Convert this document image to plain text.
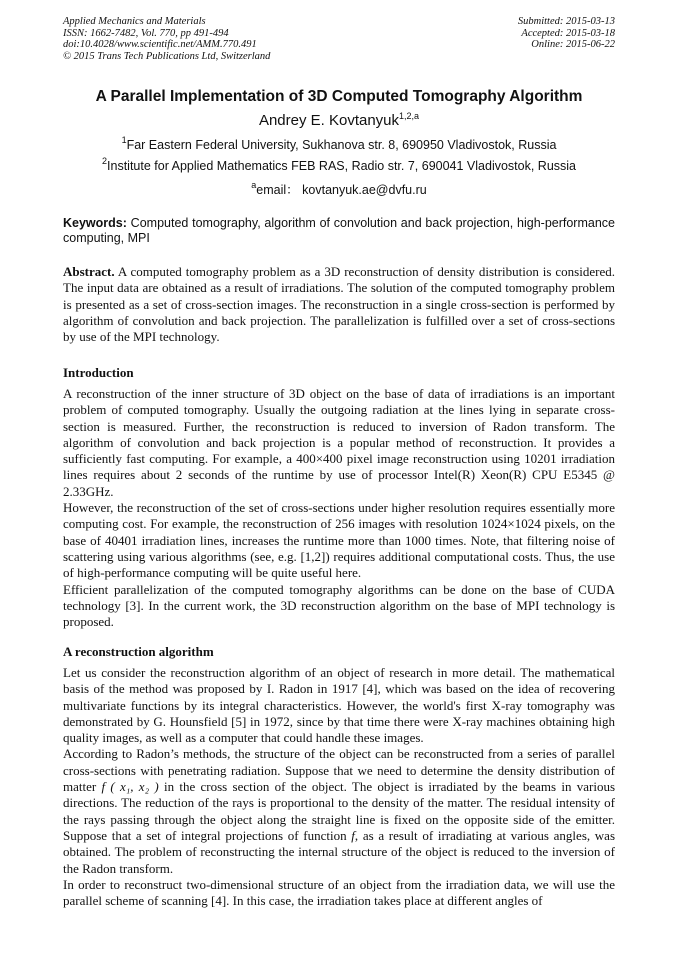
Applied Mechanics and Materials
ISSN: 1662-7482, Vol. 770, pp 491-494
doi:10.4028/www.scientific.net/AMM.770.491
© 2015 Trans Tech Publications Ltd, Switzerland
Submitted: 2015-03-13
Accepted: 2015-03-18
Online: 2015-06-22
A Parallel Implementation of 3D Computed Tomography Algorithm
Andrey E. Kovtanyuk$^{1,2,a}$
$^1$Far Eastern Federal University, Sukhanova str. 8, 690950 Vladivostok, Russia
$^2$Institute for Applied Mathematics FEB RAS, Radio str. 7, 690041 Vladivostok, Russia
$^a$email： kovtanyuk.ae@dvfu.ru
Keywords: Computed tomography, algorithm of convolution and back projection, high-performance computing, MPI

Abstract. A computed tomography problem as a 3D reconstruction of density distribution is considered. The input data are obtained as a result of irradiations. The solution of the computed tomography problem is presented as a set of cross-section images. The reconstruction in a single cross-section is performed by algorithm of convolution and back projection. The parallelization is fulfilled over a set of cross-sections by use of the MPI technology.

Introduction

A reconstruction of the inner structure of 3D object on the base of data of irradiations is an important problem of computed tomography. Usually the outgoing radiation at the lines lying in separate cross-section is measured. Further, the reconstruction is reduced to inversion of Radon transform. The algorithm of convolution and back projection is a popular method of reconstruction. It provides a sufficiently fast computing. For example, a 400×400 pixel image reconstruction using 10201 irradiation lines requires about 2 seconds of the runtime by use of processor Intel(R) Xeon(R) CPU E5345 @ 2.33GHz.

However, the reconstruction of the set of cross-sections under higher resolution requires essentially more computing cost. For example, the reconstruction of 256 images with resolution 1024×1024 pixels, on the base of 40401 irradiation lines, increases the runtime more than 1000 times. Note, that filtering noise of scattering using various algorithms (see, e.g. [1,2]) requires additional computational costs. Thus, the use of high-performance computing will be quite useful here.

Efficient parallelization of the computed tomography algorithms can be done on the base of CUDA technology [3]. In the current work, the 3D reconstruction algorithm on the base of MPI technology is proposed.

A reconstruction algorithm

Let us consider the reconstruction algorithm of an object of research in more detail. The mathematical basis of the method was proposed by I. Radon in 1917 [4], which was based on the idea of recovering multivariate functions by its integral characteristics. However, the world's first X-ray tomography was demonstrated by G. Hounsfield [5] in 1972, since by that time there were X-ray machines obtaining high quality images, as well as a computer that could handle these images.

According to Radon’s methods, the structure of the object can be reconstructed from a series of parallel cross-sections with penetrating radiation. Suppose that we need to determine the density distribution of matter f ( x₁, x₂ ) in the cross section of the object. The object is irradiated by the beams in various directions. The reduction of the rays is proportional to the density of the matter. The residual intensity of the rays passing through the object along the straight line is fixed on the opposite side of the emitter. Suppose that a set of integral projections of function f, as a result of irradiating at various angles, was obtained. The problem of reconstructing the internal structure of the object is reduced to the inversion of the Radon transform.

In order to reconstruct two-dimensional structure of an object from the irradiation data, we will use the parallel scheme of scanning [4]. In this case, the irradiation takes place at different angles of
